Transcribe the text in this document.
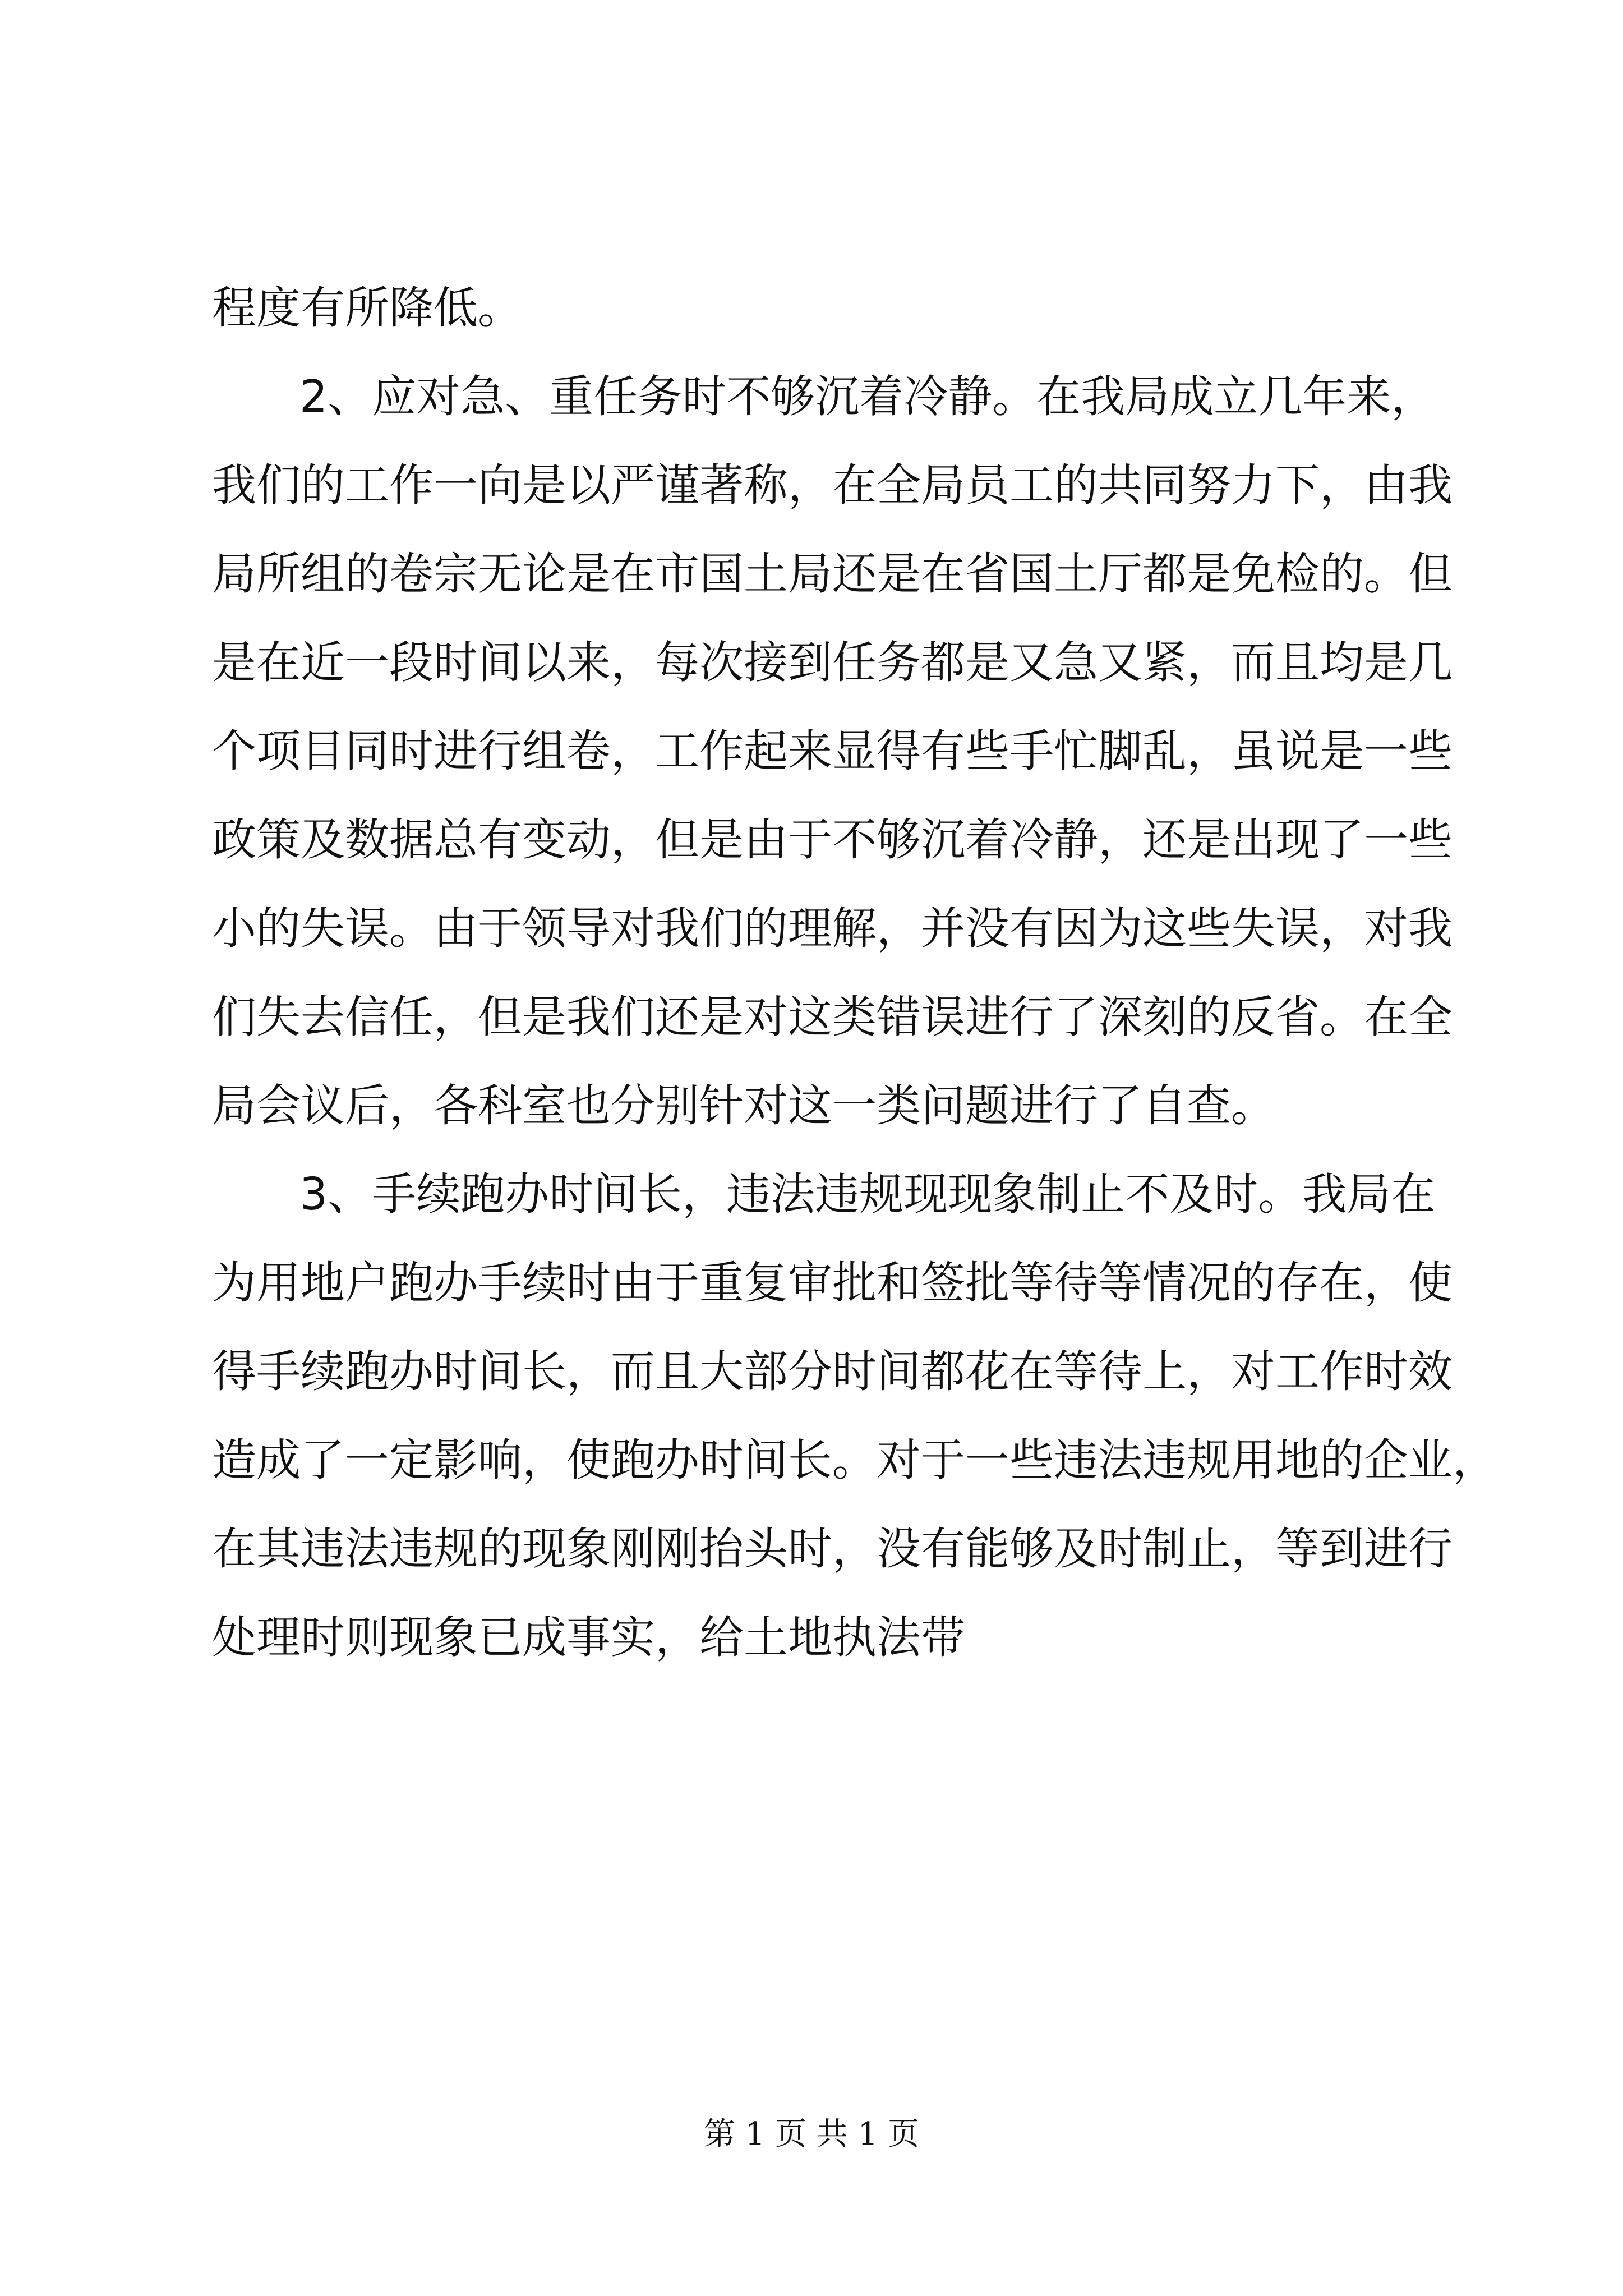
程度有所降低。
2、应对急、重任务时不够沉着冷静。在我局成立几年来，
我们的工作一向是以严谨著称，在全局员工的共同努力下，由我
局所组的卷宗无论是在市国土局还是在省国土厅都是免检的。但
是在近一段时间以来，每次接到任务都是又急又紧，而且均是几
个项目同时进行组卷，工作起来显得有些手忙脚乱，虽说是一些
政策及数据总有变动，但是由于不够沉着冷静，还是出现了一些
小的失误。由于领导对我们的理解，并没有因为这些失误，对我
们失去信任，但是我们还是对这类错误进行了深刻的反省。在全
局会议后，各科室也分别针对这一类问题进行了自查。
3、手续跑办时间长，违法违规现现象制止不及时。我局在
为用地户跑办手续时由于重复审批和签批等待等情况的存在，使
得手续跑办时间长，而且大部分时间都花在等待上，对工作时效
造成了一定影响，使跑办时间长。对于一些违法违规用地的企业，
在其违法违规的现象刚刚抬头时，没有能够及时制止，等到进行
处理时则现象已成事实，给土地执法带
第 1 页 共 1 页
